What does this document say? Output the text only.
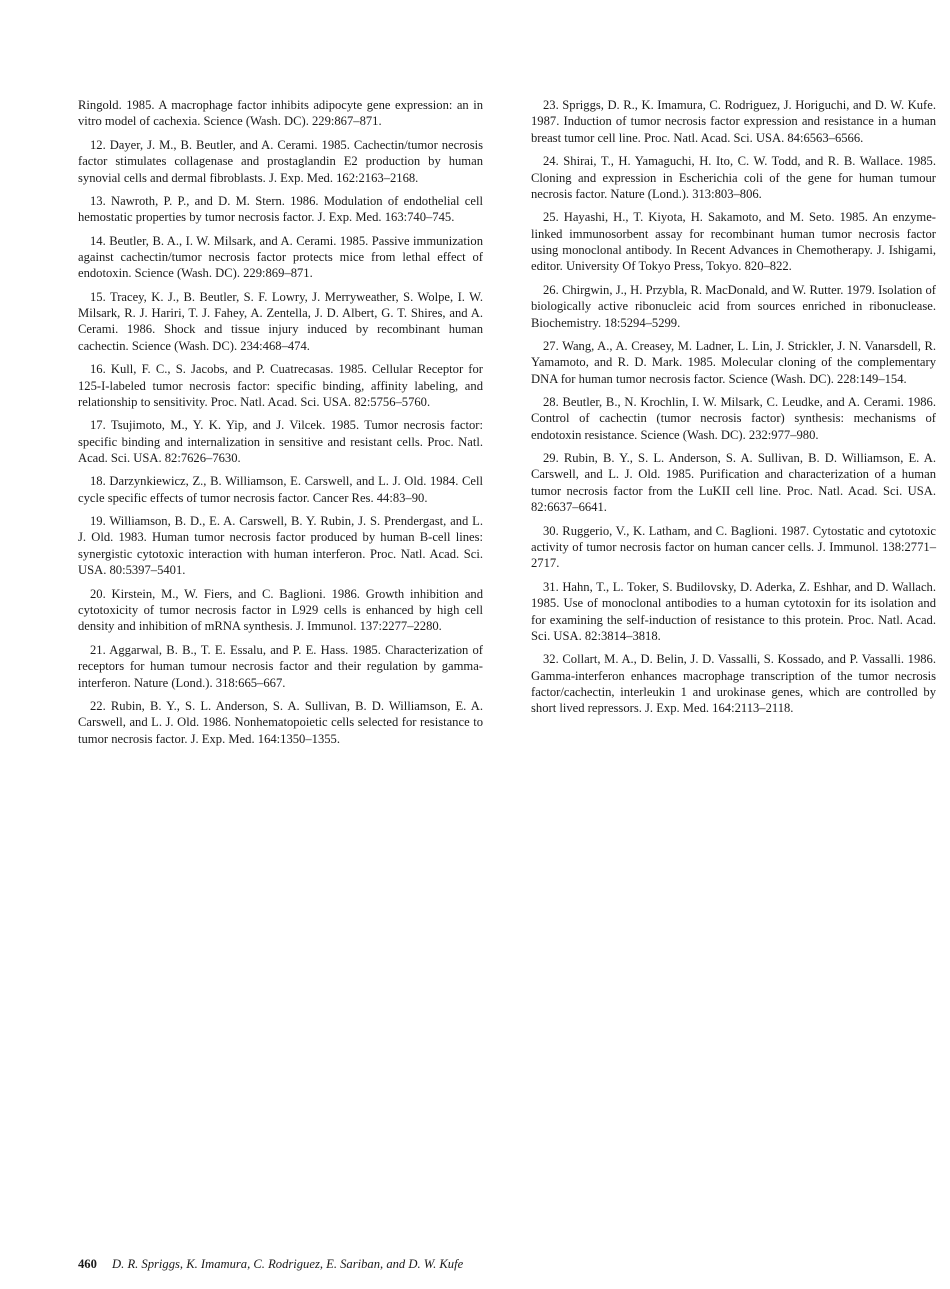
Ringold. 1985. A macrophage factor inhibits adipocyte gene expression: an in vitro model of cachexia. Science (Wash. DC). 229:867–871.

12. Dayer, J. M., B. Beutler, and A. Cerami. 1985. Cachectin/tumor necrosis factor stimulates collagenase and prostaglandin E2 production by human synovial cells and dermal fibroblasts. J. Exp. Med. 162:2163–2168.

13. Nawroth, P. P., and D. M. Stern. 1986. Modulation of endothelial cell hemostatic properties by tumor necrosis factor. J. Exp. Med. 163:740–745.

14. Beutler, B. A., I. W. Milsark, and A. Cerami. 1985. Passive immunization against cachectin/tumor necrosis factor protects mice from lethal effect of endotoxin. Science (Wash. DC). 229:869–871.

15. Tracey, K. J., B. Beutler, S. F. Lowry, J. Merryweather, S. Wolpe, I. W. Milsark, R. J. Hariri, T. J. Fahey, A. Zentella, J. D. Albert, G. T. Shires, and A. Cerami. 1986. Shock and tissue injury induced by recombinant human cachectin. Science (Wash. DC). 234:468–474.

16. Kull, F. C., S. Jacobs, and P. Cuatrecasas. 1985. Cellular Receptor for 125-I-labeled tumor necrosis factor: specific binding, affinity labeling, and relationship to sensitivity. Proc. Natl. Acad. Sci. USA. 82:5756–5760.

17. Tsujimoto, M., Y. K. Yip, and J. Vilcek. 1985. Tumor necrosis factor: specific binding and internalization in sensitive and resistant cells. Proc. Natl. Acad. Sci. USA. 82:7626–7630.

18. Darzynkiewicz, Z., B. Williamson, E. Carswell, and L. J. Old. 1984. Cell cycle specific effects of tumor necrosis factor. Cancer Res. 44:83–90.

19. Williamson, B. D., E. A. Carswell, B. Y. Rubin, J. S. Prendergast, and L. J. Old. 1983. Human tumor necrosis factor produced by human B-cell lines: synergistic cytotoxic interaction with human interferon. Proc. Natl. Acad. Sci. USA. 80:5397–5401.

20. Kirstein, M., W. Fiers, and C. Baglioni. 1986. Growth inhibition and cytotoxicity of tumor necrosis factor in L929 cells is enhanced by high cell density and inhibition of mRNA synthesis. J. Immunol. 137:2277–2280.

21. Aggarwal, B. B., T. E. Essalu, and P. E. Hass. 1985. Characterization of receptors for human tumour necrosis factor and their regulation by gamma-interferon. Nature (Lond.). 318:665–667.

22. Rubin, B. Y., S. L. Anderson, S. A. Sullivan, B. D. Williamson, E. A. Carswell, and L. J. Old. 1986. Nonhematopoietic cells selected for resistance to tumor necrosis factor. J. Exp. Med. 164:1350–1355.

23. Spriggs, D. R., K. Imamura, C. Rodriguez, J. Horiguchi, and D. W. Kufe. 1987. Induction of tumor necrosis factor expression and resistance in a human breast tumor cell line. Proc. Natl. Acad. Sci. USA. 84:6563–6566.

24. Shirai, T., H. Yamaguchi, H. Ito, C. W. Todd, and R. B. Wallace. 1985. Cloning and expression in Escherichia coli of the gene for human tumour necrosis factor. Nature (Lond.). 313:803–806.

25. Hayashi, H., T. Kiyota, H. Sakamoto, and M. Seto. 1985. An enzyme-linked immunosorbent assay for recombinant human tumor necrosis factor using monoclonal antibody. In Recent Advances in Chemotherapy. J. Ishigami, editor. University Of Tokyo Press, Tokyo. 820–822.

26. Chirgwin, J., H. Przybla, R. MacDonald, and W. Rutter. 1979. Isolation of biologically active ribonucleic acid from sources enriched in ribonuclease. Biochemistry. 18:5294–5299.

27. Wang, A., A. Creasey, M. Ladner, L. Lin, J. Strickler, J. N. Vanarsdell, R. Yamamoto, and R. D. Mark. 1985. Molecular cloning of the complementary DNA for human tumor necrosis factor. Science (Wash. DC). 228:149–154.

28. Beutler, B., N. Krochlin, I. W. Milsark, C. Leudke, and A. Cerami. 1986. Control of cachectin (tumor necrosis factor) synthesis: mechanisms of endotoxin resistance. Science (Wash. DC). 232:977–980.

29. Rubin, B. Y., S. L. Anderson, S. A. Sullivan, B. D. Williamson, E. A. Carswell, and L. J. Old. 1985. Purification and characterization of a human tumor necrosis factor from the LuKII cell line. Proc. Natl. Acad. Sci. USA. 82:6637–6641.

30. Ruggerio, V., K. Latham, and C. Baglioni. 1987. Cytostatic and cytotoxic activity of tumor necrosis factor on human cancer cells. J. Immunol. 138:2771–2717.

31. Hahn, T., L. Toker, S. Budilovsky, D. Aderka, Z. Eshhar, and D. Wallach. 1985. Use of monoclonal antibodies to a human cytotoxin for its isolation and for examining the self-induction of resistance to this protein. Proc. Natl. Acad. Sci. USA. 82:3814–3818.

32. Collart, M. A., D. Belin, J. D. Vassalli, S. Kossado, and P. Vassalli. 1986. Gamma-interferon enhances macrophage transcription of the tumor necrosis factor/cachectin, interleukin 1 and urokinase genes, which are controlled by short lived repressors. J. Exp. Med. 164:2113–2118.

460 D. R. Spriggs, K. Imamura, C. Rodriguez, E. Sariban, and D. W. Kufe
